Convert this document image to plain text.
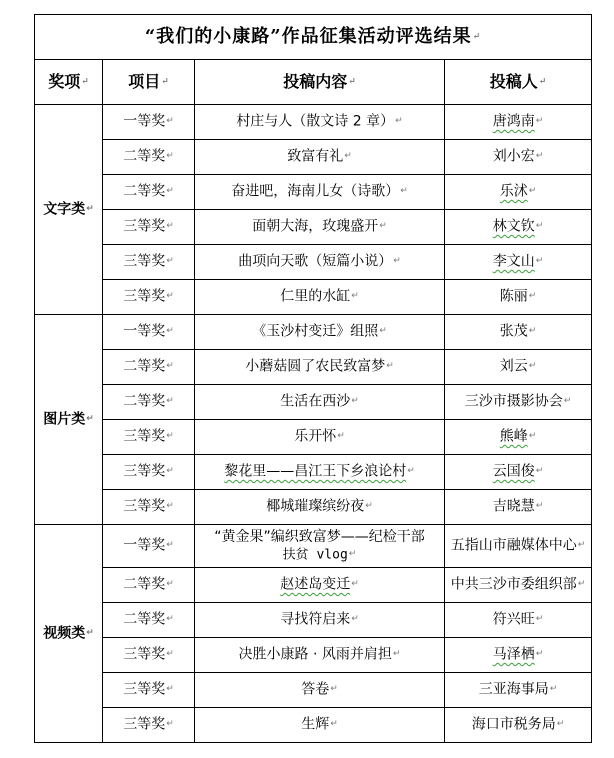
“我们的小康路”作品征集活动评选结果↵			
奖项↵	项目↵	投稿内容↵	投稿人↵
文字类↵	一等奖↵	村庄与人（散文诗 2 章）↵	唐鸿南↵
	二等奖↵	致富有礼↵	刘小宏↵
	二等奖↵	奋进吧，海南儿女（诗歌）↵	乐沭↵
	三等奖↵	面朝大海，玫瑰盛开↵	林文钦↵
	三等奖↵	曲项向天歌（短篇小说）↵	李文山↵
	三等奖↵	仁里的水缸↵	陈丽↵
图片类↵	一等奖↵	《玉沙村变迁》组照↵	张茂↵
	二等奖↵	小蘑菇圆了农民致富梦↵	刘云↵
	二等奖↵	生活在西沙↵	三沙市摄影协会↵
	三等奖↵	乐开怀↵	熊峰↵
	三等奖↵	黎花里——昌江王下乡浪论村↵	云国俊↵
	三等奖↵	椰城璀璨缤纷夜↵	吉晓慧↵
视频类↵	一等奖↵	“黄金果”编织致富梦——纪检干部
扶贫 vlog↵	五指山市融媒体中心↵
	二等奖↵	赵述岛变迁↵	中共三沙市委组织部↵
	二等奖↵	寻找符启来↵	符兴旺↵
	三等奖↵	决胜小康路 · 风雨并肩担↵	马泽栖↵
	三等奖↵	答卷↵	三亚海事局↵
	三等奖↵	生辉↵	海口市税务局↵
